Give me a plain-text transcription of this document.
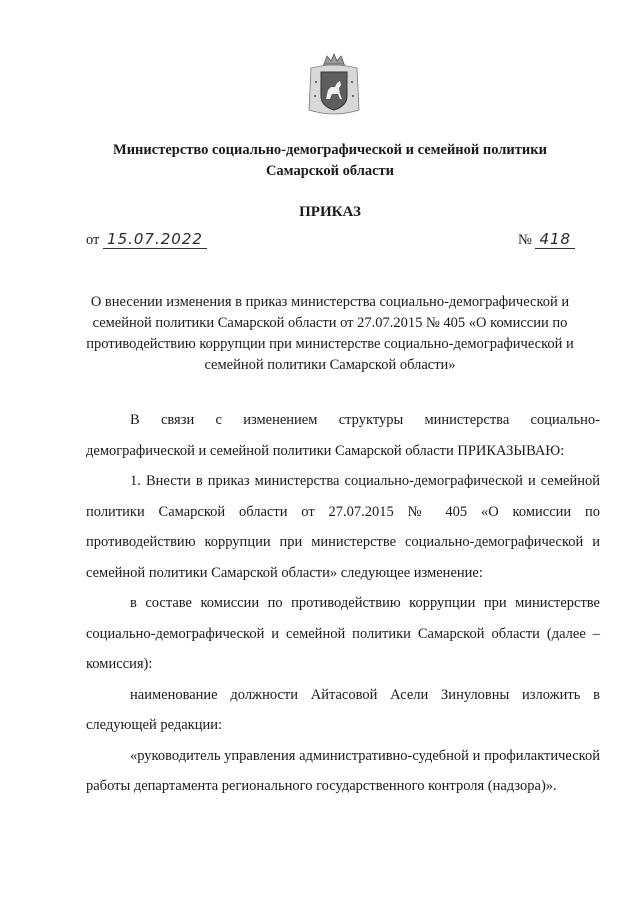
Министерство социально-демографической и семейной политики
Самарской области
ПРИКАЗ
от 15.07.2022	№ 418
О внесении изменения в приказ министерства социально-демографической и
семейной политики Самарской области от 27.07.2015 № 405 «О комиссии по
противодействию коррупции при министерстве социально-демографической и
семейной политики Самарской области»

В связи с изменением структуры министерства социально-демографической и семейной политики Самарской области ПРИКАЗЫВАЮ:

1. Внести в приказ министерства социально-демографической и семейной политики Самарской области от 27.07.2015 № 405 «О комиссии по противодействию коррупции при министерстве социально-демографической и семейной политики Самарской области» следующее изменение:

в составе комиссии по противодействию коррупции при министерстве социально-демографической и семейной политики Самарской области (далее – комиссия):

наименование должности Айтасовой Асели Зинуловны изложить в следующей редакции:

«руководитель управления административно-судебной и профилактической работы департамента регионального государственного контроля (надзора)».
